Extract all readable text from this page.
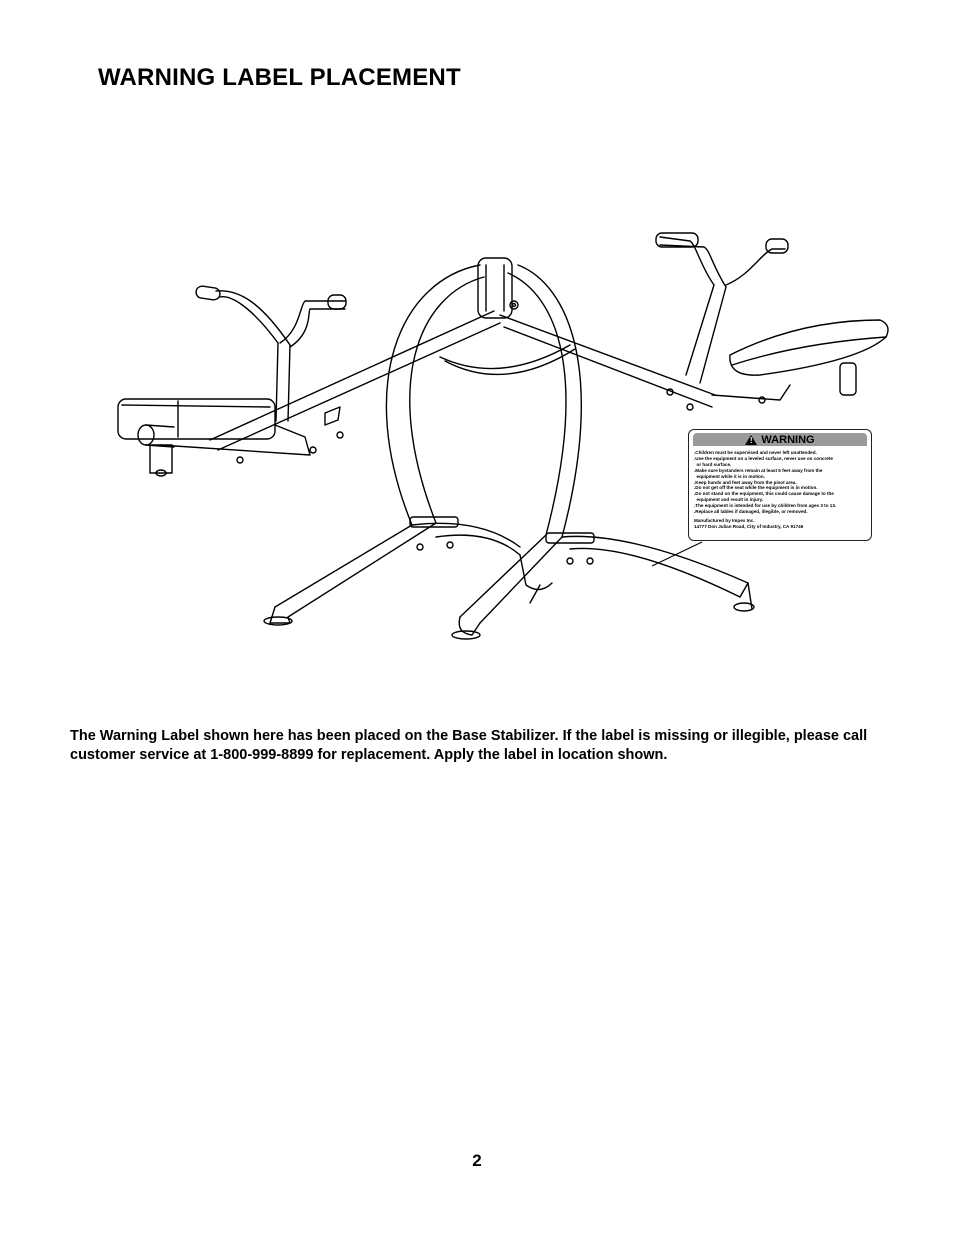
WARNING LABEL PLACEMENT
!
WARNING
.Children must be supervised and never left unattended.
.Use the equipment on a leveled surface, never use on concrete
or hard surface.
.Make sure bystanders remain at least 5 feet away from the
equipment while it is in motion.
.Keep hands and feet away from the pivot area.
.Do not get off the seat while the equipment is in motion.
.Do not stand on the equipment, this could cause damage to the
equipment and result in injury.
.The equipment is intended for use by children from ages 3 to 13.
.Replace all lables if damaged, illegible, or removed.
Manufactured by Impex Inc.
14777 Don Julian Road, City of Industry, CA 91746

The Warning Label shown here has been placed on the Base Stabilizer. If the label is missing or illegible, please call customer service at 1-800-999-8899 for replacement. Apply the label in location shown.

2
